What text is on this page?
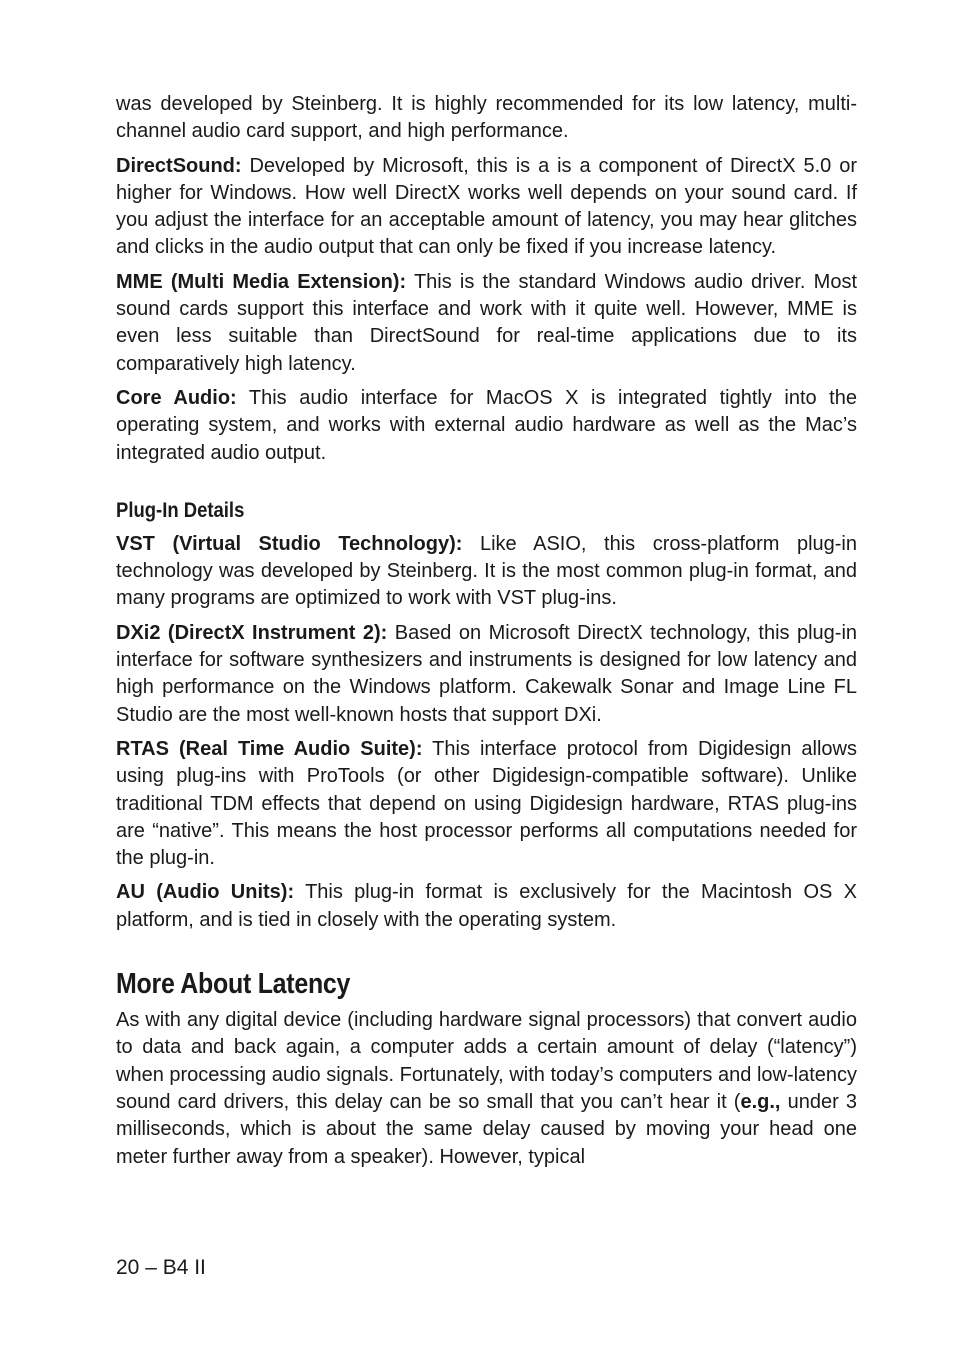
was developed by Steinberg. It is highly recommended for its low latency, multi-channel audio card support, and high performance.

DirectSound: Developed by Microsoft, this is a is a component of DirectX 5.0 or higher for Windows. How well DirectX works well depends on your sound card. If you adjust the interface for an acceptable amount of latency, you may hear glitches and clicks in the audio output that can only be fixed if you increase latency.

MME (Multi Media Extension): This is the standard Windows audio driver. Most sound cards support this interface and work with it quite well. However, MME is even less suitable than DirectSound for real-time applications due to its comparatively high latency.

Core Audio: This audio interface for MacOS X is integrated tightly into the operating system, and works with external audio hardware as well as the Mac’s integrated audio output.

Plug-In Details

VST (Virtual Studio Technology): Like ASIO, this cross-platform plug-in technology was developed by Steinberg. It is the most common plug-in format, and many programs are optimized to work with VST plug-ins.

DXi2 (DirectX Instrument 2): Based on Microsoft DirectX technology, this plug-in interface for software synthesizers and instruments is designed for low latency and high performance on the Windows platform. Cakewalk Sonar and Image Line FL Studio are the most well-known hosts that support DXi.

RTAS (Real Time Audio Suite): This interface protocol from Digidesign allows using plug-ins with ProTools (or other Digidesign-compatible software). Unlike traditional TDM effects that depend on using Digidesign hardware, RTAS plug-ins are “native”. This means the host processor performs all computations needed for the plug-in.

AU (Audio Units): This plug-in format is exclusively for the Macintosh OS X platform, and is tied in closely with the operating system.

More About Latency

As with any digital device (including hardware signal processors) that convert audio to data and back again, a computer adds a certain amount of delay (“latency”) when processing audio signals. Fortunately, with today’s computers and low-latency sound card drivers, this delay can be so small that you can’t hear it (e.g., under 3 milliseconds, which is about the same delay caused by moving your head one meter further away from a speaker). However, typical

20 – B4 II
